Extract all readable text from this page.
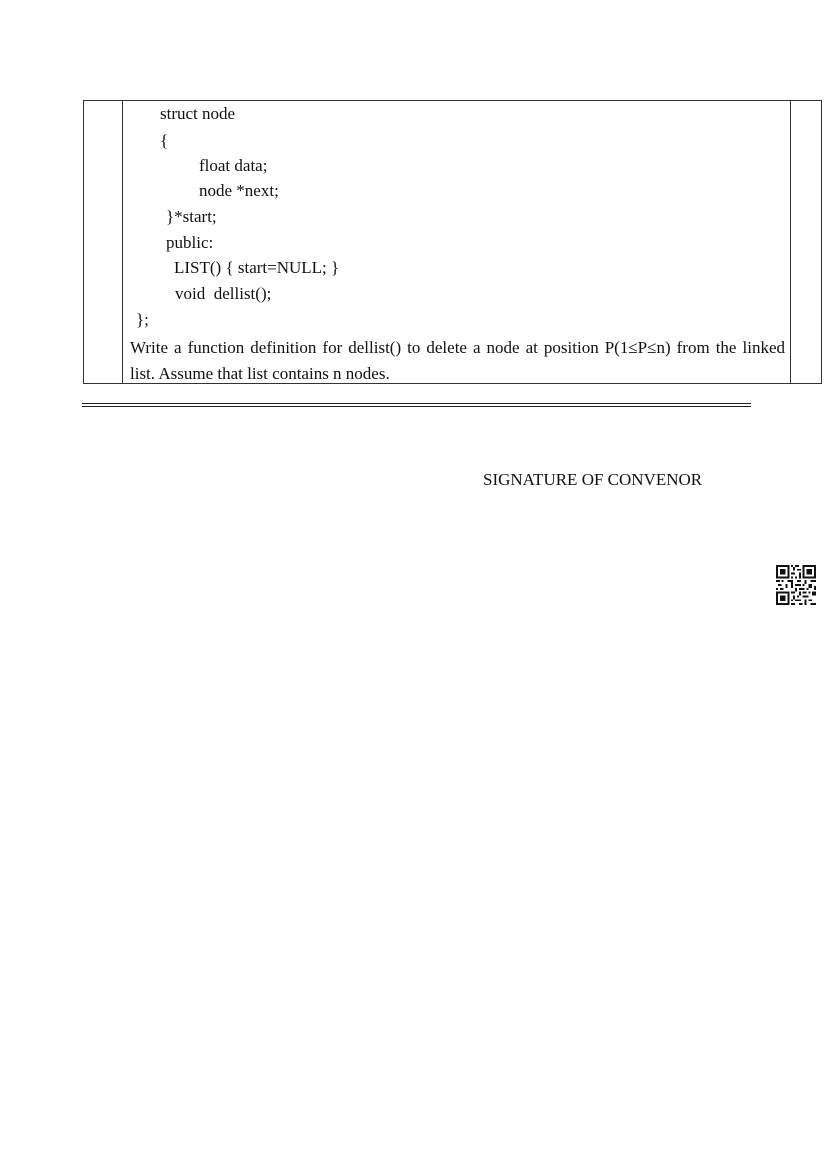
struct node
{
float data;
node *next;
}*start;
public:
LIST() { start=NULL; }
void  dellist();
};
Write a function definition for dellist() to delete a node at position P(1≤P≤n) from the linked list. Assume that list contains n nodes.
SIGNATURE OF CONVENOR
